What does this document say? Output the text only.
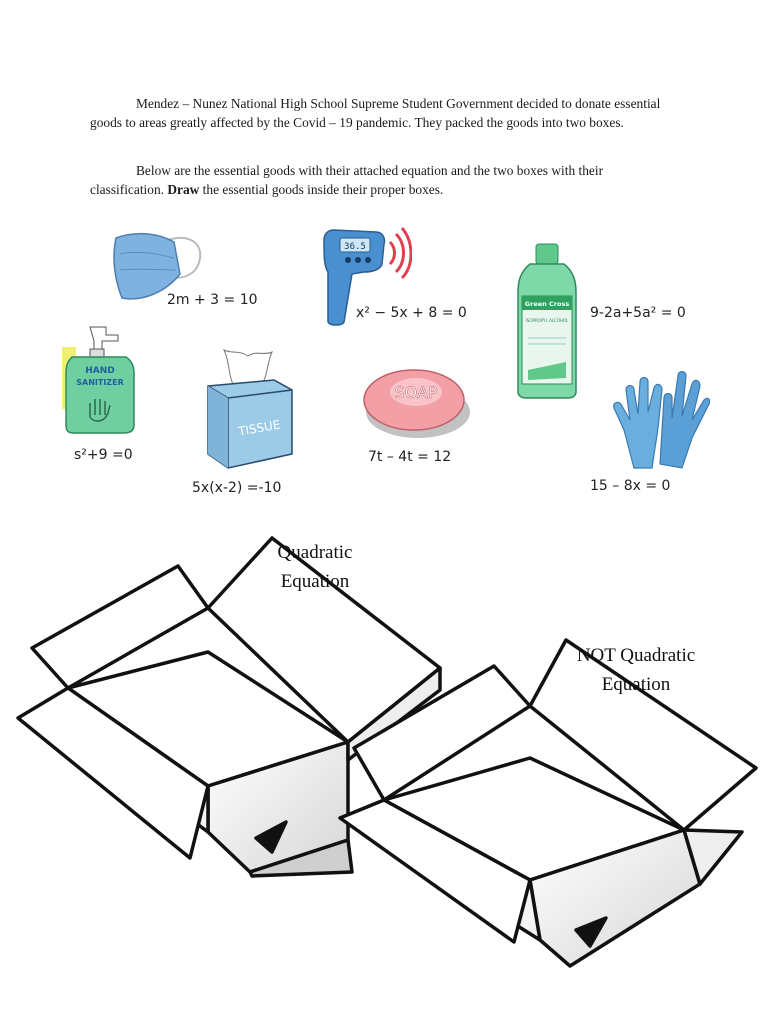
Mendez – Nunez National High School Supreme Student Government decided to donate essential goods to areas greatly affected by the Covid – 19 pandemic. They packed the goods into two boxes.

Below are the essential goods with their attached equation and the two boxes with their classification. Draw the essential goods inside their proper boxes.

2m + 3 = 10
36.5
x² − 5x + 8 = 0
Green Cross
ISOPROPYL ALCOHOL 9-2a+5a² = 0
HAND
SANITIZER
s²+9 =0
TISSUE
5x(x-2) =-10
SOAP
7t – 4t = 12
15 – 8x = 0
Quadratic
Equation
NOT Quadratic
Equation
